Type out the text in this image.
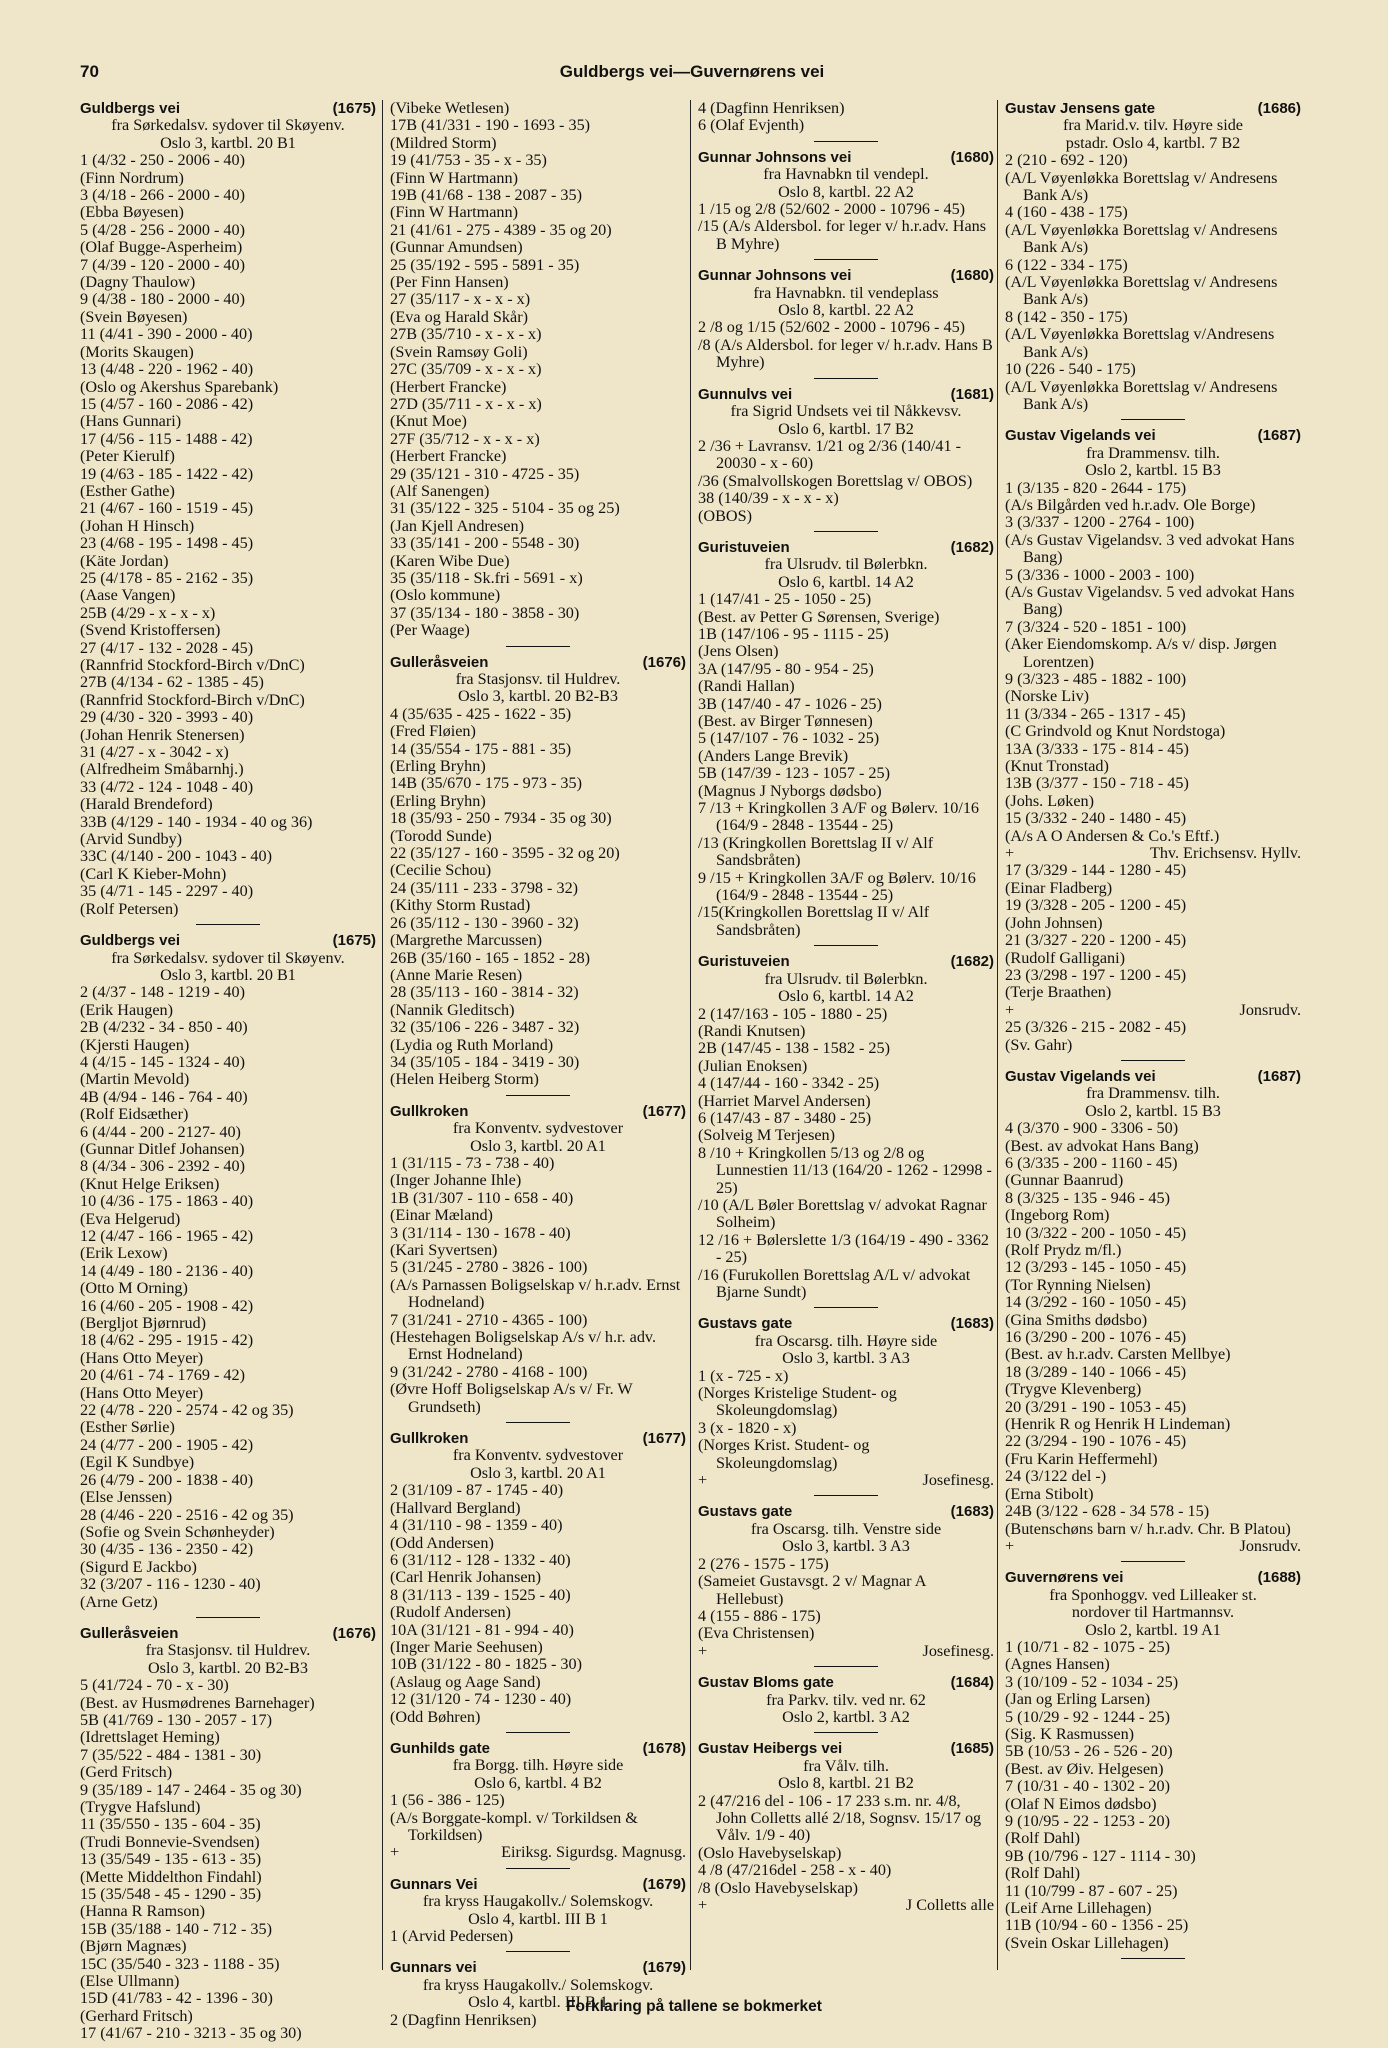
70	Guldbergs vei—Guvernørens vei
Guldbergs vei	(1675)
fra Sørkedalsv. sydover til Skøyenv.
Oslo 3, kartbl. 20 B1
1 (4/32 - 250 - 2006 - 40)
(Finn Nordrum)
3 (4/18 - 266 - 2000 - 40)
(Ebba Bøyesen)
5 (4/28 - 256 - 2000 - 40)
(Olaf Bugge-Asperheim)
7 (4/39 - 120 - 2000 - 40)
(Dagny Thaulow)
9 (4/38 - 180 - 2000 - 40)
(Svein Bøyesen)
11 (4/41 - 390 - 2000 - 40)
(Morits Skaugen)
13 (4/48 - 220 - 1962 - 40)
(Oslo og Akershus Sparebank)
15 (4/57 - 160 - 2086 - 42)
(Hans Gunnari)
17 (4/56 - 115 - 1488 - 42)
(Peter Kierulf)
19 (4/63 - 185 - 1422 - 42)
(Esther Gathe)
21 (4/67 - 160 - 1519 - 45)
(Johan H Hinsch)
23 (4/68 - 195 - 1498 - 45)
(Käte Jordan)
25 (4/178 - 85 - 2162 - 35)
(Aase Vangen)
25B (4/29 - x - x - x)
(Svend Kristoffersen)
27 (4/17 - 132 - 2028 - 45)
(Rannfrid Stockford-Birch v/DnC)
27B (4/134 - 62 - 1385 - 45)
(Rannfrid Stockford-Birch v/DnC)
29 (4/30 - 320 - 3993 - 40)
(Johan Henrik Stenersen)
31 (4/27 - x - 3042 - x)
(Alfredheim Småbarnhj.)
33 (4/72 - 124 - 1048 - 40)
(Harald Brendeford)
33B (4/129 - 140 - 1934 - 40 og 36)
(Arvid Sundby)
33C (4/140 - 200 - 1043 - 40)
(Carl K Kieber-Mohn)
35 (4/71 - 145 - 2297 - 40)
(Rolf Petersen)
Guldbergs vei	(1675)
fra Sørkedalsv. sydover til Skøyenv.
Oslo 3, kartbl. 20 B1
2 (4/37 - 148 - 1219 - 40)
(Erik Haugen)
2B (4/232 - 34 - 850 - 40)
(Kjersti Haugen)
4 (4/15 - 145 - 1324 - 40)
(Martin Mevold)
4B (4/94 - 146 - 764 - 40)
(Rolf Eidsæther)
6 (4/44 - 200 - 2127- 40)
(Gunnar Ditlef Johansen)
8 (4/34 - 306 - 2392 - 40)
(Knut Helge Eriksen)
10 (4/36 - 175 - 1863 - 40)
(Eva Helgerud)
12 (4/47 - 166 - 1965 - 42)
(Erik Lexow)
14 (4/49 - 180 - 2136 - 40)
(Otto M Orning)
16 (4/60 - 205 - 1908 - 42)
(Bergljot Bjørnrud)
18 (4/62 - 295 - 1915 - 42)
(Hans Otto Meyer)
20 (4/61 - 74 - 1769 - 42)
(Hans Otto Meyer)
22 (4/78 - 220 - 2574 - 42 og 35)
(Esther Sørlie)
24 (4/77 - 200 - 1905 - 42)
(Egil K Sundbye)
26 (4/79 - 200 - 1838 - 40)
(Else Jenssen)
28 (4/46 - 220 - 2516 - 42 og 35)
(Sofie og Svein Schønheyder)
30 (4/35 - 136 - 2350 - 42)
(Sigurd E Jackbo)
32 (3/207 - 116 - 1230 - 40)
(Arne Getz)
Gulleråsveien	(1676)
fra Stasjonsv. til Huldrev.
Oslo 3, kartbl. 20 B2-B3
5 (41/724 - 70 - x - 30)
(Best. av Husmødrenes Barnehager)
5B (41/769 - 130 - 2057 - 17)
(Idrettslaget Heming)
7 (35/522 - 484 - 1381 - 30)
(Gerd Fritsch)
9 (35/189 - 147 - 2464 - 35 og 30)
(Trygve Hafslund)
11 (35/550 - 135 - 604 - 35)
(Trudi Bonnevie-Svendsen)
13 (35/549 - 135 - 613 - 35)
(Mette Middelthon Findahl)
15 (35/548 - 45 - 1290 - 35)
(Hanna R Ramson)
15B (35/188 - 140 - 712 - 35)
(Bjørn Magnæs)
15C (35/540 - 323 - 1188 - 35)
(Else Ullmann)
15D (41/783 - 42 - 1396 - 30)
(Gerhard Fritsch)
17 (41/67 - 210 - 3213 - 35 og 30)
(Vibeke Wetlesen)
17B (41/331 - 190 - 1693 - 35)
(Mildred Storm)
19 (41/753 - 35 - x - 35)
(Finn W Hartmann)
19B (41/68 - 138 - 2087 - 35)
(Finn W Hartmann)
21 (41/61 - 275 - 4389 - 35 og 20)
(Gunnar Amundsen)
25 (35/192 - 595 - 5891 - 35)
(Per Finn Hansen)
27 (35/117 - x - x - x)
(Eva og Harald Skår)
27B (35/710 - x - x - x)
(Svein Ramsøy Goli)
27C (35/709 - x - x - x)
(Herbert Francke)
27D (35/711 - x - x - x)
(Knut Moe)
27F (35/712 - x - x - x)
(Herbert Francke)
29 (35/121 - 310 - 4725 - 35)
(Alf Sanengen)
31 (35/122 - 325 - 5104 - 35 og 25)
(Jan Kjell Andresen)
33 (35/141 - 200 - 5548 - 30)
(Karen Wibe Due)
35 (35/118 - Sk.fri - 5691 - x)
(Oslo kommune)
37 (35/134 - 180 - 3858 - 30)
(Per Waage)
Gulleråsveien	(1676)
fra Stasjonsv. til Huldrev.
Oslo 3, kartbl. 20 B2-B3
4 (35/635 - 425 - 1622 - 35)
(Fred Fløien)
14 (35/554 - 175 - 881 - 35)
(Erling Bryhn)
14B (35/670 - 175 - 973 - 35)
(Erling Bryhn)
18 (35/93 - 250 - 7934 - 35 og 30)
(Torodd Sunde)
22 (35/127 - 160 - 3595 - 32 og 20)
(Cecilie Schou)
24 (35/111 - 233 - 3798 - 32)
(Kithy Storm Rustad)
26 (35/112 - 130 - 3960 - 32)
(Margrethe Marcussen)
26B (35/160 - 165 - 1852 - 28)
(Anne Marie Resen)
28 (35/113 - 160 - 3814 - 32)
(Nannik Gleditsch)
32 (35/106 - 226 - 3487 - 32)
(Lydia og Ruth Morland)
34 (35/105 - 184 - 3419 - 30)
(Helen Heiberg Storm)
Gullkroken	(1677)
fra Konventv. sydvestover
Oslo 3, kartbl. 20 A1
1 (31/115 - 73 - 738 - 40)
(Inger Johanne Ihle)
1B (31/307 - 110 - 658 - 40)
(Einar Mæland)
3 (31/114 - 130 - 1678 - 40)
(Kari Syvertsen)
5 (31/245 - 2780 - 3826 - 100)
(A/s Parnassen Boligselskap v/ h.r.adv. Ernst Hodneland)
7 (31/241 - 2710 - 4365 - 100)
(Hestehagen Boligselskap A/s v/ h.r. adv. Ernst Hodneland)
9 (31/242 - 2780 - 4168 - 100)
(Øvre Hoff Boligselskap A/s v/ Fr. W Grundseth)
Gullkroken	(1677)
fra Konventv. sydvestover
Oslo 3, kartbl. 20 A1
2 (31/109 - 87 - 1745 - 40)
(Hallvard Bergland)
4 (31/110 - 98 - 1359 - 40)
(Odd Andersen)
6 (31/112 - 128 - 1332 - 40)
(Carl Henrik Johansen)
8 (31/113 - 139 - 1525 - 40)
(Rudolf Andersen)
10A (31/121 - 81 - 994 - 40)
(Inger Marie Seehusen)
10B (31/122 - 80 - 1825 - 30)
(Aslaug og Aage Sand)
12 (31/120 - 74 - 1230 - 40)
(Odd Bøhren)
Gunhilds gate	(1678)
fra Borgg. tilh. Høyre side
Oslo 6, kartbl. 4 B2
1 (56 - 386 - 125)
(A/s Borggate-kompl. v/ Torkildsen & Torkildsen)
+	Eiriksg. Sigurdsg. Magnusg.
Gunnars Vei	(1679)
fra kryss Haugakollv./ Solemskogv.
Oslo 4, kartbl. III B 1
1 (Arvid Pedersen)
Gunnars vei	(1679)
fra kryss Haugakollv./ Solemskogv.
Oslo 4, kartbl. III B 1
2 (Dagfinn Henriksen)
4 (Dagfinn Henriksen)
6 (Olaf Evjenth)
Gunnar Johnsons vei	(1680)
fra Havnabkn til vendepl.
Oslo 8, kartbl. 22 A2
1 /15 og 2/8 (52/602 - 2000 - 10796 - 45)
/15 (A/s Aldersbol. for leger v/ h.r.adv. Hans B Myhre)
Gunnar Johnsons vei	(1680)
fra Havnabkn. til vendeplass
Oslo 8, kartbl. 22 A2
2 /8 og 1/15 (52/602 - 2000 - 10796 - 45)
/8 (A/s Aldersbol. for leger v/ h.r.adv. Hans B Myhre)
Gunnulvs vei	(1681)
fra Sigrid Undsets vei til Nåkkevsv.
Oslo 6, kartbl. 17 B2
2 /36 + Lavransv. 1/21 og 2/36 (140/41 - 20030 - x - 60)
/36 (Smalvollskogen Borettslag v/ OBOS)
38 (140/39 - x - x - x)
(OBOS)
Guristuveien	(1682)
fra Ulsrudv. til Bølerbkn.
Oslo 6, kartbl. 14 A2
1 (147/41 - 25 - 1050 - 25)
(Best. av Petter G Sørensen, Sverige)
1B (147/106 - 95 - 1115 - 25)
(Jens Olsen)
3A (147/95 - 80 - 954 - 25)
(Randi Hallan)
3B (147/40 - 47 - 1026 - 25)
(Best. av Birger Tønnesen)
5 (147/107 - 76 - 1032 - 25)
(Anders Lange Brevik)
5B (147/39 - 123 - 1057 - 25)
(Magnus J Nyborgs dødsbo)
7 /13 + Kringkollen 3 A/F og Bølerv. 10/16 (164/9 - 2848 - 13544 - 25)
/13 (Kringkollen Borettslag II v/ Alf Sandsbråten)
9 /15 + Kringkollen 3A/F og Bølerv. 10/16 (164/9 - 2848 - 13544 - 25)
/15(Kringkollen Borettslag II v/ Alf Sandsbråten)
Guristuveien	(1682)
fra Ulsrudv. til Bølerbkn.
Oslo 6, kartbl. 14 A2
2 (147/163 - 105 - 1880 - 25)
(Randi Knutsen)
2B (147/45 - 138 - 1582 - 25)
(Julian Enoksen)
4 (147/44 - 160 - 3342 - 25)
(Harriet Marvel Andersen)
6 (147/43 - 87 - 3480 - 25)
(Solveig M Terjesen)
8 /10 + Kringkollen 5/13 og 2/8 og Lunnestien 11/13 (164/20 - 1262 - 12998 - 25)
/10 (A/L Bøler Borettslag v/ advokat Ragnar Solheim)
12 /16 + Bølerslette 1/3 (164/19 - 490 - 3362 - 25)
/16 (Furukollen Borettslag A/L v/ advokat Bjarne Sundt)
Gustavs gate	(1683)
fra Oscarsg. tilh. Høyre side
Oslo 3, kartbl. 3 A3
1 (x - 725 - x)
(Norges Kristelige Student- og Skoleungdomslag)
3 (x - 1820 - x)
(Norges Krist. Student- og Skoleungdomslag)
+	Josefinesg.
Gustavs gate	(1683)
fra Oscarsg. tilh. Venstre side
Oslo 3, kartbl. 3 A3
2 (276 - 1575 - 175)
(Sameiet Gustavsgt. 2 v/ Magnar A Hellebust)
4 (155 - 886 - 175)
(Eva Christensen)
+	Josefinesg.
Gustav Bloms gate	(1684)
fra Parkv. tilv. ved nr. 62
Oslo 2, kartbl. 3 A2
Gustav Heibergs vei	(1685)
fra Vålv. tilh.
Oslo 8, kartbl. 21 B2
2 (47/216 del - 106 - 17 233 s.m. nr. 4/8, John Colletts allé 2/18, Sognsv. 15/17 og Vålv. 1/9 - 40)
(Oslo Havebyselskap)
4 /8 (47/216del - 258 - x - 40)
/8 (Oslo Havebyselskap)
+	J Colletts alle
Gustav Jensens gate	(1686)
fra Marid.v. tilv. Høyre side
pstadr. Oslo 4, kartbl. 7 B2
2 (210 - 692 - 120)
(A/L Vøyenløkka Borettslag v/ Andresens Bank A/s)
4 (160 - 438 - 175)
(A/L Vøyenløkka Borettslag v/ Andresens Bank A/s)
6 (122 - 334 - 175)
(A/L Vøyenløkka Borettslag v/ Andresens Bank A/s)
8 (142 - 350 - 175)
(A/L Vøyenløkka Borettslag v/Andresens Bank A/s)
10 (226 - 540 - 175)
(A/L Vøyenløkka Borettslag v/ Andresens Bank A/s)
Gustav Vigelands vei	(1687)
fra Drammensv. tilh.
Oslo 2, kartbl. 15 B3
1 (3/135 - 820 - 2644 - 175)
(A/s Bilgården ved h.r.adv. Ole Borge)
3 (3/337 - 1200 - 2764 - 100)
(A/s Gustav Vigelandsv. 3 ved advokat Hans Bang)
5 (3/336 - 1000 - 2003 - 100)
(A/s Gustav Vigelandsv. 5 ved advokat Hans Bang)
7 (3/324 - 520 - 1851 - 100)
(Aker Eiendomskomp. A/s v/ disp. Jørgen Lorentzen)
9 (3/323 - 485 - 1882 - 100)
(Norske Liv)
11 (3/334 - 265 - 1317 - 45)
(C Grindvold og Knut Nordstoga)
13A (3/333 - 175 - 814 - 45)
(Knut Tronstad)
13B (3/377 - 150 - 718 - 45)
(Johs. Løken)
15 (3/332 - 240 - 1480 - 45)
(A/s A O Andersen & Co.'s Eftf.)
+	Thv. Erichsensv. Hyllv.
17 (3/329 - 144 - 1280 - 45)
(Einar Fladberg)
19 (3/328 - 205 - 1200 - 45)
(John Johnsen)
21 (3/327 - 220 - 1200 - 45)
(Rudolf Galligani)
23 (3/298 - 197 - 1200 - 45)
(Terje Braathen)
+	Jonsrudv.
25 (3/326 - 215 - 2082 - 45)
(Sv. Gahr)
Gustav Vigelands vei	(1687)
fra Drammensv. tilh.
Oslo 2, kartbl. 15 B3
4 (3/370 - 900 - 3306 - 50)
(Best. av advokat Hans Bang)
6 (3/335 - 200 - 1160 - 45)
(Gunnar Baanrud)
8 (3/325 - 135 - 946 - 45)
(Ingeborg Rom)
10 (3/322 - 200 - 1050 - 45)
(Rolf Prydz m/fl.)
12 (3/293 - 145 - 1050 - 45)
(Tor Rynning Nielsen)
14 (3/292 - 160 - 1050 - 45)
(Gina Smiths dødsbo)
16 (3/290 - 200 - 1076 - 45)
(Best. av h.r.adv. Carsten Mellbye)
18 (3/289 - 140 - 1066 - 45)
(Trygve Klevenberg)
20 (3/291 - 190 - 1053 - 45)
(Henrik R og Henrik H Lindeman)
22 (3/294 - 190 - 1076 - 45)
(Fru Karin Heffermehl)
24 (3/122 del -)
(Erna Stibolt)
24B (3/122 - 628 - 34 578 - 15)
(Butenschøns barn v/ h.r.adv. Chr. B Platou)
+	Jonsrudv.
Guvernørens vei	(1688)
fra Sponhoggv. ved Lilleaker st.
nordover til Hartmannsv.
Oslo 2, kartbl. 19 A1
1 (10/71 - 82 - 1075 - 25)
(Agnes Hansen)
3 (10/109 - 52 - 1034 - 25)
(Jan og Erling Larsen)
5 (10/29 - 92 - 1244 - 25)
(Sig. K Rasmussen)
5B (10/53 - 26 - 526 - 20)
(Best. av Øiv. Helgesen)
7 (10/31 - 40 - 1302 - 20)
(Olaf N Eimos dødsbo)
9 (10/95 - 22 - 1253 - 20)
(Rolf Dahl)
9B (10/796 - 127 - 1114 - 30)
(Rolf Dahl)
11 (10/799 - 87 - 607 - 25)
(Leif Arne Lillehagen)
11B (10/94 - 60 - 1356 - 25)
(Svein Oskar Lillehagen)
Forklaring på tallene se bokmerket
